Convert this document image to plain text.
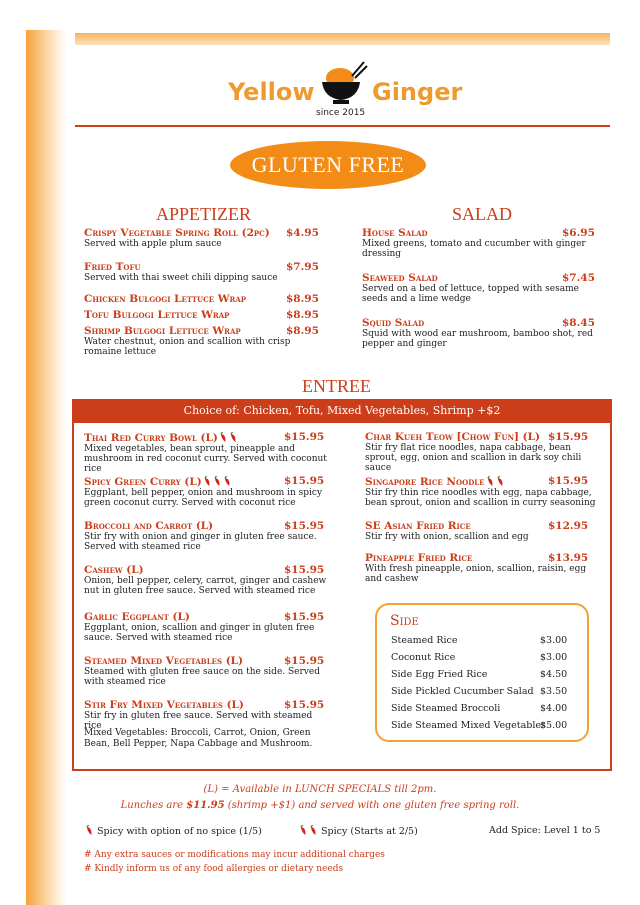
Yellow Ginger
since 2015
GLUTEN FREE
APPETIZER
Crispy Vegetable Spring Roll (2pc)	$4.95
Served with apple plum sauce
Fried Tofu	$7.95
Served with thai sweet chili dipping sauce
Chicken Bulgogi Lettuce Wrap	$8.95
Tofu Bulgogi Lettuce Wrap	$8.95
Shrimp Bulgogi Lettuce Wrap	$8.95
Water chestnut, onion and scallion with crisp romaine lettuce
SALAD
House Salad	$6.95
Mixed greens, tomato and cucumber with ginger dressing
Seaweed Salad	$7.45
Served on a bed of lettuce, topped with sesame seeds and a lime wedge
Squid Salad	$8.45
Squid with wood ear mushroom, bamboo shot, red pepper and ginger
ENTREE
Choice of: Chicken, Tofu, Mixed Vegetables, Shrimp +$2
Thai Red Curry Bowl (L)	$15.95
Mixed vegetables, bean sprout, pineapple and mushroom in red coconut curry. Served with coconut rice
Spicy Green Curry (L)	$15.95
Eggplant, bell pepper, onion and mushroom in spicy green coconut curry. Served with coconut rice
Broccoli and Carrot (L)	$15.95
Stir fry with onion and ginger in gluten free sauce. Served with steamed rice
Cashew (L)	$15.95
Onion, bell pepper, celery, carrot, ginger and cashew nut in gluten free sauce. Served with steamed rice
Garlic Eggplant (L)	$15.95
Eggplant, onion, scallion and ginger in gluten free sauce. Served with steamed rice
Steamed Mixed Vegetables (L)	$15.95
Steamed with gluten free sauce on the side. Served with steamed rice
Stir Fry Mixed Vegetables (L)	$15.95
Stir fry in gluten free sauce. Served with steamed rice
Char Kueh Teow [Chow Fun] (L) $15.95
Stir fry flat rice noodles, napa cabbage, bean sprout, egg, onion and scallion in dark soy chili sauce
Singapore Rice Noodle	$15.95
Stir fry thin rice noodles with egg, napa cabbage, bean sprout, onion and scallion in curry seasoning
SE Asian Fried Rice	$12.95
Stir fry with onion, scallion and egg
Pineapple Fried Rice	$13.95
With fresh pineapple, onion, scallion, raisin, egg and cashew
Mixed Vegetables: Broccoli, Carrot, Onion, Green Bean, Bell Pepper, Napa Cabbage and Mushroom.
Side
Steamed Rice	$3.00
Coconut Rice	$3.00
Side Egg Fried Rice	$4.50
Side Pickled Cucumber Salad $3.50
Side Steamed Broccoli	$4.00
Side Steamed Mixed Vegetables
$5.00
(L) = Available in LUNCH SPECIALS till 2pm.
Lunches are $11.95 (shrimp +$1) and served with one gluten free spring roll.
Spicy with option of no spice (1/5)	Spicy (Starts at 2/5)	Add Spice: Level 1 to 5
# Any extra sauces or modifications may incur additional charges
# Kindly inform us of any food allergies or dietary needs
